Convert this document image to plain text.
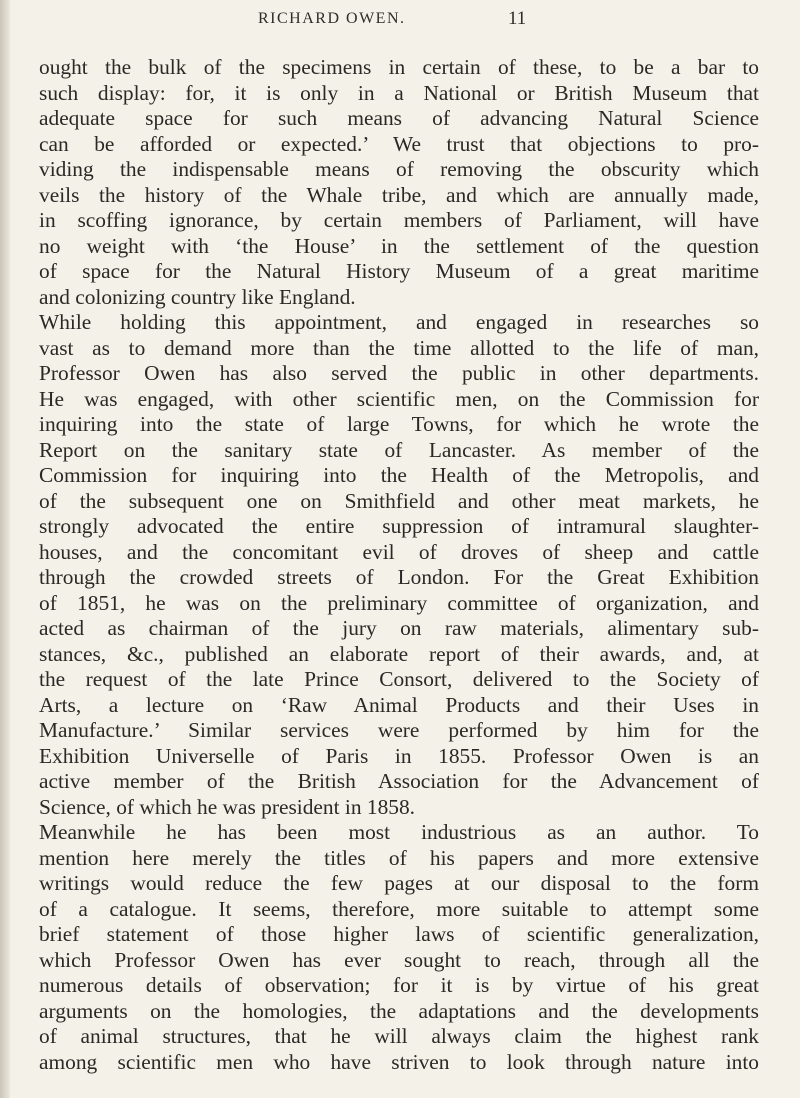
RICHARD OWEN.	11
ought the bulk of the specimens in certain of these, to be a bar to
such display: for, it is only in a National or British Museum that
adequate space for such means of advancing Natural Science
can be afforded or expected.’ We trust that objections to pro-
viding the indispensable means of removing the obscurity which
veils the history of the Whale tribe, and which are annually made,
in scoffing ignorance, by certain members of Parliament, will have
no weight with ‘the House’ in the settlement of the question
of space for the Natural History Museum of a great maritime
and colonizing country like England.
While holding this appointment, and engaged in researches so
vast as to demand more than the time allotted to the life of man,
Professor Owen has also served the public in other departments.
He was engaged, with other scientific men, on the Commission for
inquiring into the state of large Towns, for which he wrote the
Report on the sanitary state of Lancaster. As member of the
Commission for inquiring into the Health of the Metropolis, and
of the subsequent one on Smithfield and other meat markets, he
strongly advocated the entire suppression of intramural slaughter-
houses, and the concomitant evil of droves of sheep and cattle
through the crowded streets of London. For the Great Exhibition
of 1851, he was on the preliminary committee of organization, and
acted as chairman of the jury on raw materials, alimentary sub-
stances, &c., published an elaborate report of their awards, and, at
the request of the late Prince Consort, delivered to the Society of
Arts, a lecture on ‘Raw Animal Products and their Uses in
Manufacture.’ Similar services were performed by him for the
Exhibition Universelle of Paris in 1855. Professor Owen is an
active member of the British Association for the Advancement of
Science, of which he was president in 1858.
Meanwhile he has been most industrious as an author. To
mention here merely the titles of his papers and more extensive
writings would reduce the few pages at our disposal to the form
of a catalogue. It seems, therefore, more suitable to attempt some
brief statement of those higher laws of scientific generalization,
which Professor Owen has ever sought to reach, through all the
numerous details of observation; for it is by virtue of his great
arguments on the homologies, the adaptations and the developments
of animal structures, that he will always claim the highest rank
among scientific men who have striven to look through nature into
